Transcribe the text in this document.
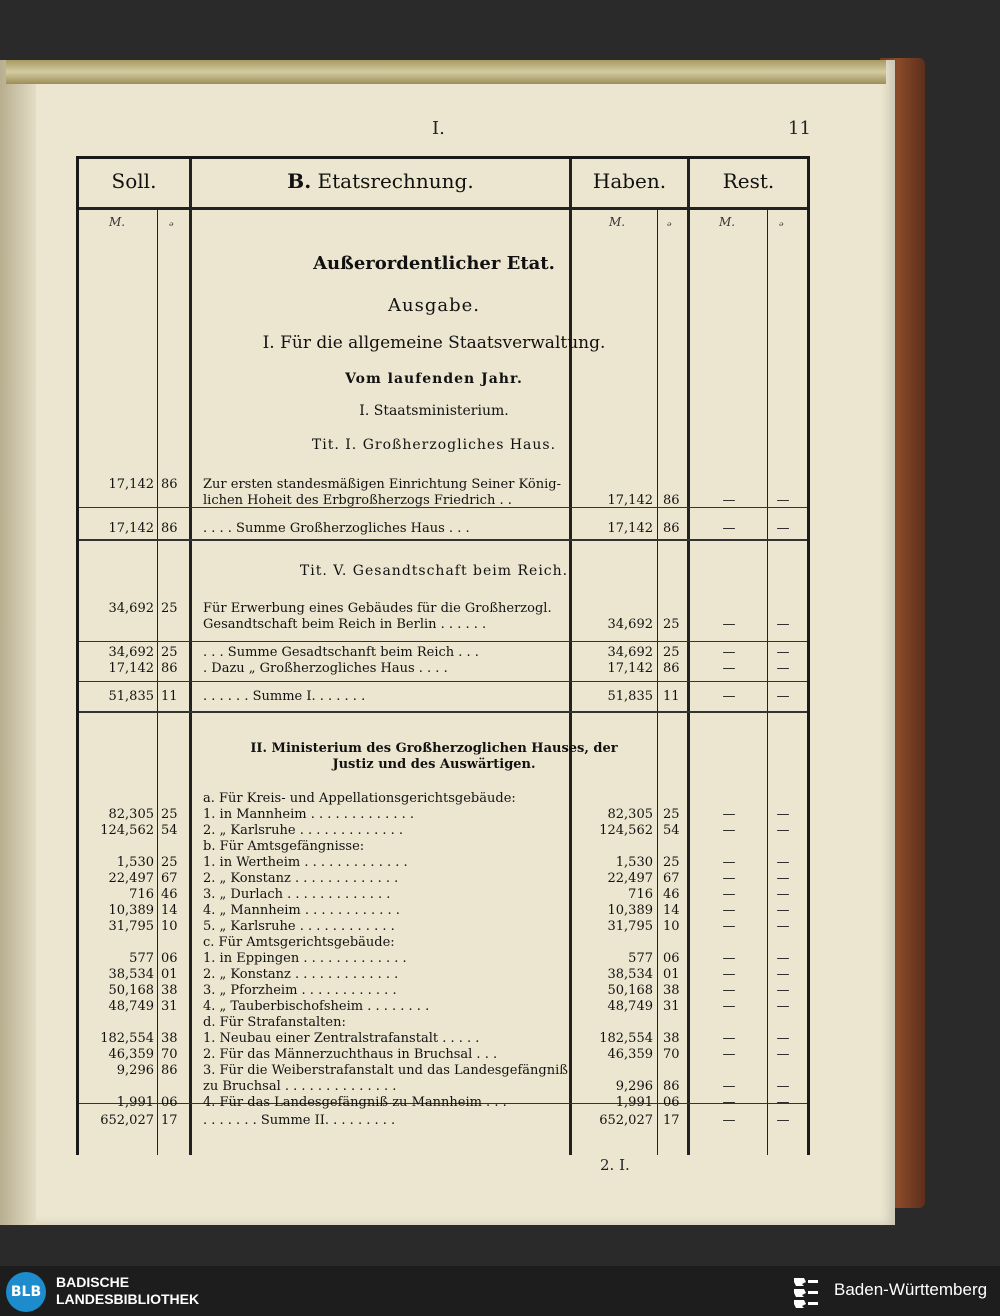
I.	11
Soll.	B. Etatsrechnung.	Haben.	Rest.
M.	ₔ	M.	ₔ	M.	ₔ
Außerordentlicher Etat.
Ausgabe.
I. Für die allgemeine Staatsverwaltung.
Vom laufenden Jahr.
I. Staatsministerium.
Tit. I. Großherzogliches Haus.
Tit. V. Gesandtschaft beim Reich.
II. Ministerium des Großherzoglichen Hauses, der
Justiz und des Auswärtigen.
17,142 86	Zur ersten standesmäßigen Einrichtung Seiner König-
lichen Hoheit des Erbgroßherzogs Friedrich . .	17,142 86	—	—
17,142 86	. . . . Summe Großherzogliches Haus . . .	17,142 86	—	—
34,692 25	Für Erwerbung eines Gebäudes für die Großherzogl.
Gesandtschaft beim Reich in Berlin . . . . . .	34,692 25	—	—
34,692 25	. . . Summe Gesadtschanft beim Reich . . .	34,692 25	—	—
17,142 86	. Dazu „ Großherzogliches Haus . . . .	17,142 86	—	—
51,835 11	. . . . . . Summe I. . . . . . .	51,835 11	—	—
a. Für Kreis- und Appellationsgerichtsgebäude:
82,305 25	1. in Mannheim . . . . . . . . . . . . .	82,305 25	—	—
124,562 54	2. „ Karlsruhe . . . . . . . . . . . . .	124,562 54	—	—
b. Für Amtsgefängnisse:
1,530 25	1. in Wertheim . . . . . . . . . . . . .	1,530 25	—	—
22,497 67	2. „ Konstanz . . . . . . . . . . . . .	22,497 67	—	—
716 46	3. „ Durlach . . . . . . . . . . . . .	716 46	—	—
10,389 14	4. „ Mannheim . . . . . . . . . . . .	10,389 14	—	—
31,795 10	5. „ Karlsruhe . . . . . . . . . . . .	31,795 10	—	—
c. Für Amtsgerichtsgebäude:
577 06	1. in Eppingen . . . . . . . . . . . . .	577 06	—	—
38,534 01	2. „ Konstanz . . . . . . . . . . . . .	38,534 01	—	—
50,168 38	3. „ Pforzheim . . . . . . . . . . . .	50,168 38	—	—
48,749 31	4. „ Tauberbischofsheim . . . . . . . .	48,749 31	—	—
d. Für Strafanstalten:
182,554 38	1. Neubau einer Zentralstrafanstalt . . . . .	182,554 38	—	—
46,359 70	2. Für das Männerzuchthaus in Bruchsal . . .	46,359 70	—	—
9,296 86	3. Für die Weiberstrafanstalt und das Landesgefängniß
zu Bruchsal . . . . . . . . . . . . . .	9,296 86	—	—
1,991 06	4. Für das Landesgefängniß zu Mannheim . . .	1,991 06	—	—
652,027 17	. . . . . . . Summe II. . . . . . . . .	652,027 17	—	—
2. I.
BLB
BADISCHE
LANDESBIBLIOTHEK	Baden-Württemberg
